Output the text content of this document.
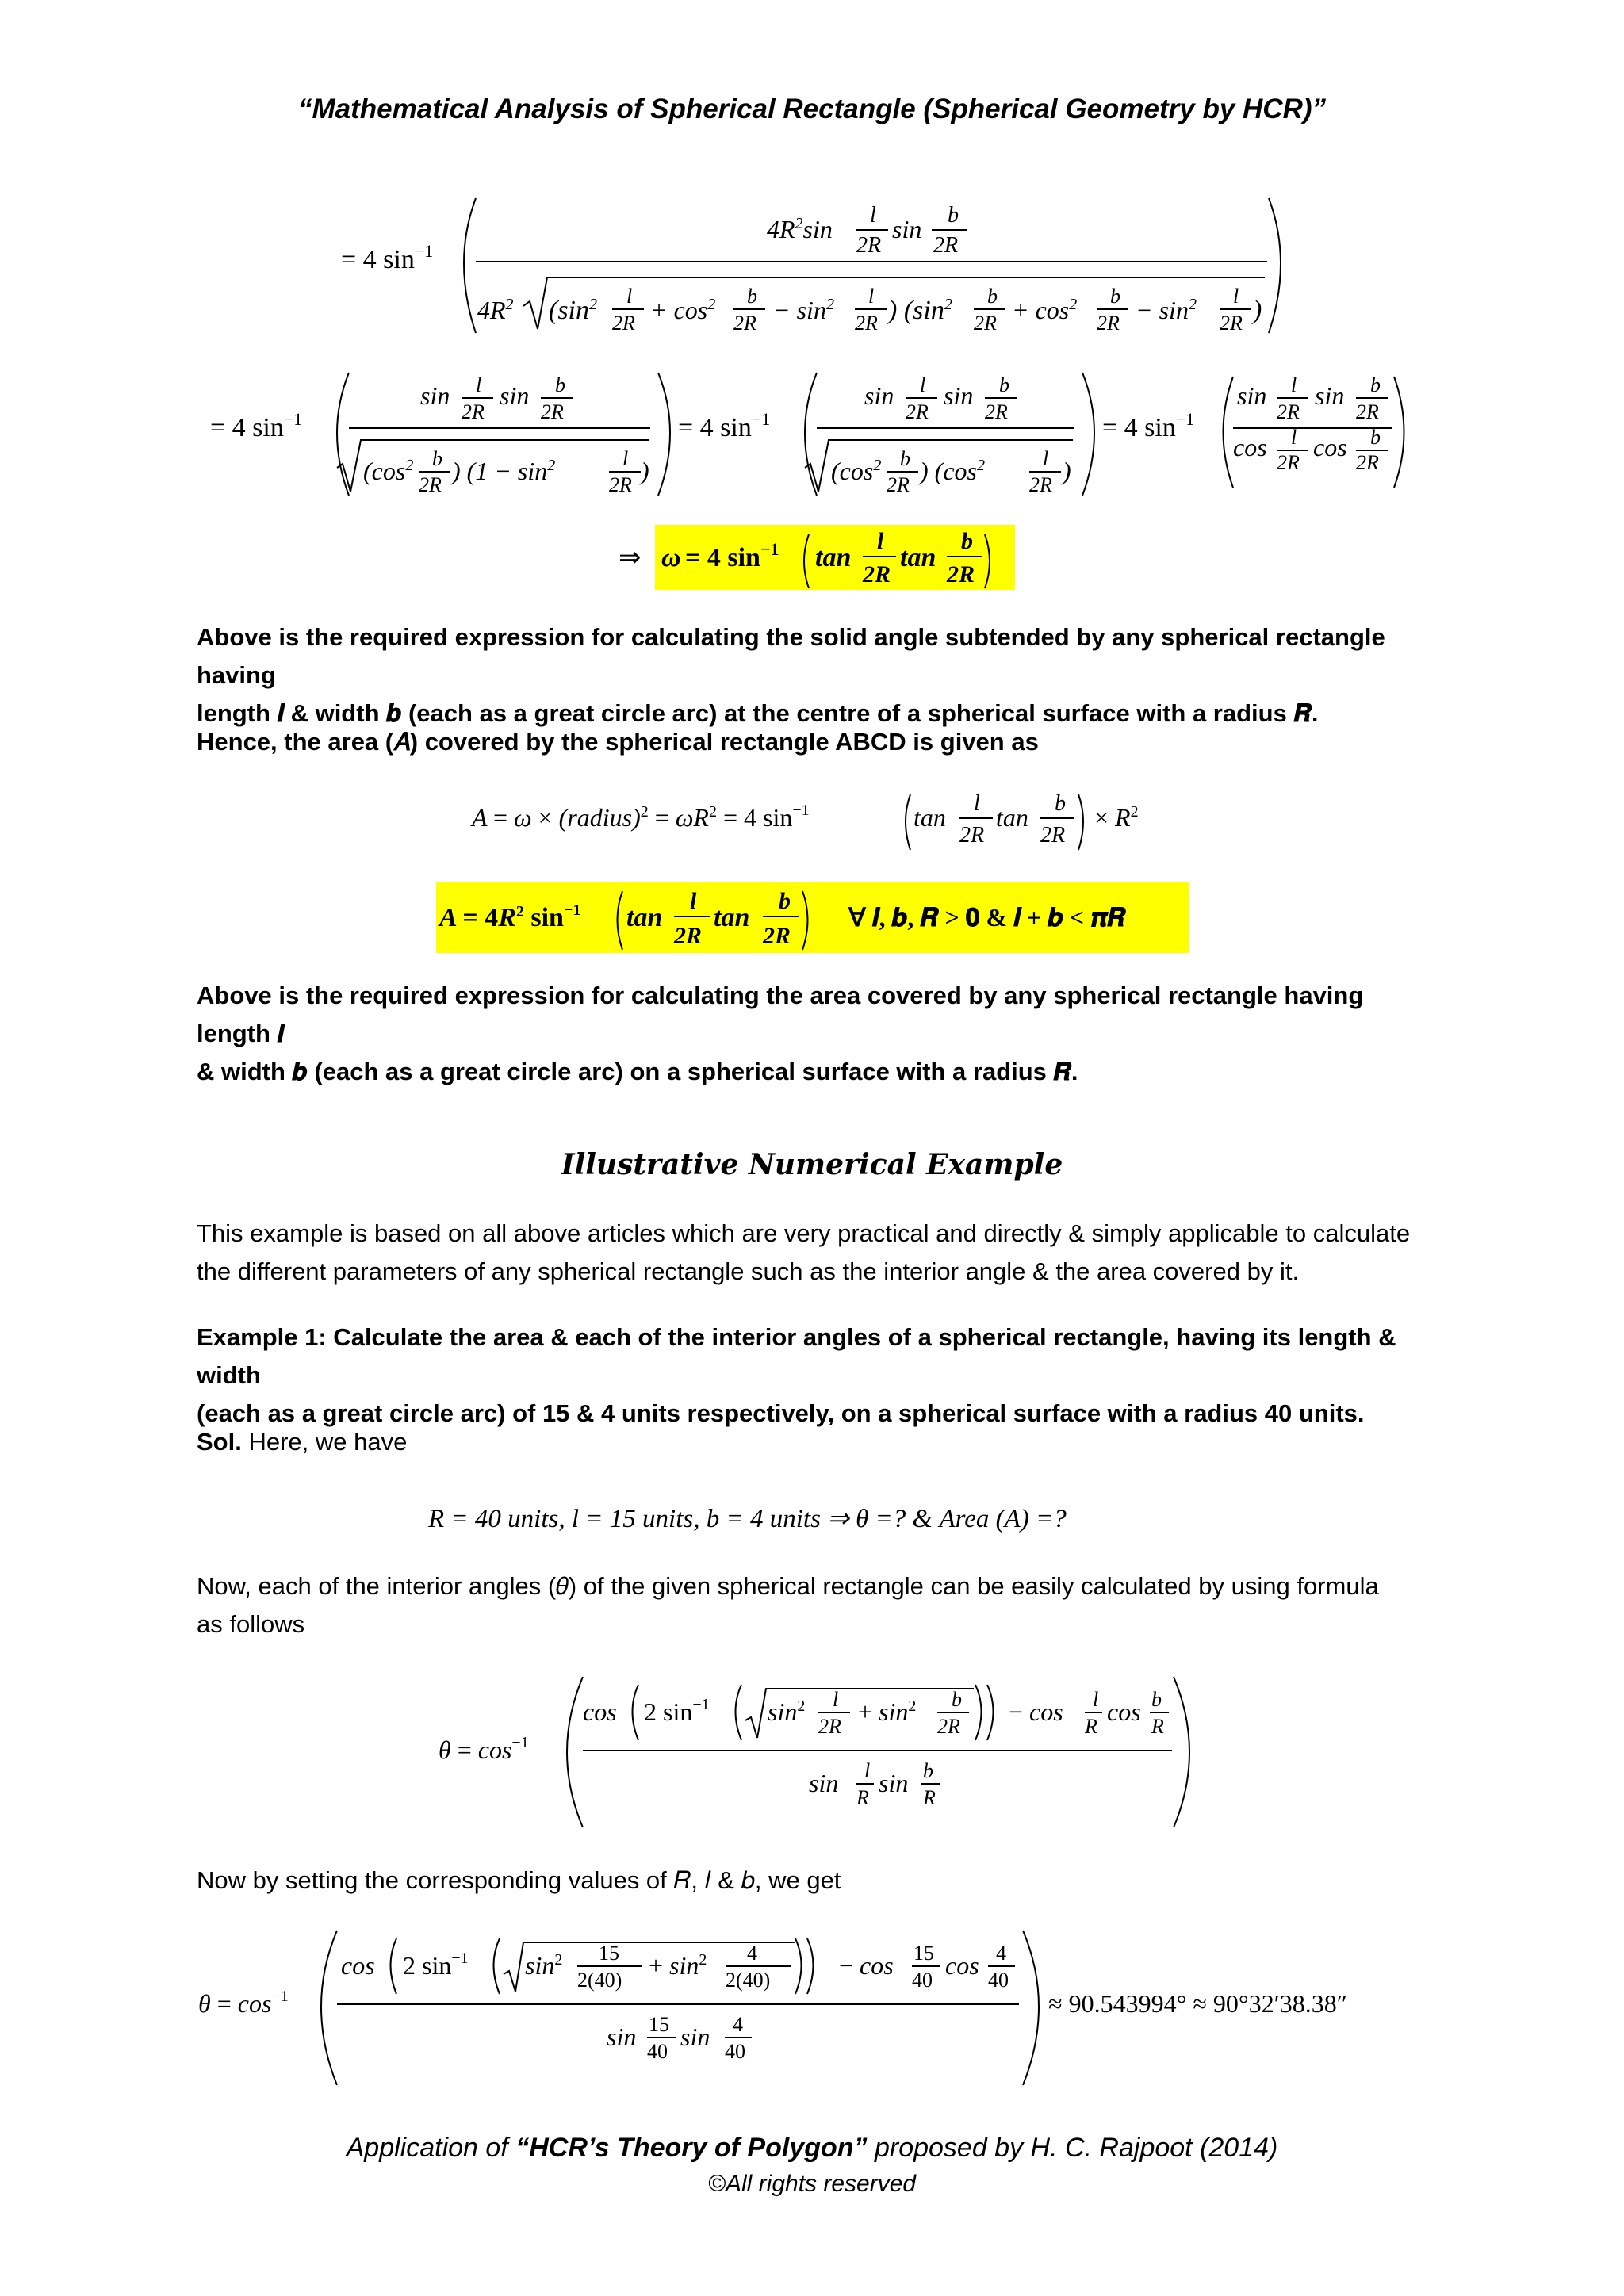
“Mathematical Analysis of Spherical Rectangle (Spherical Geometry by HCR)”
= 4 $\sin^{-1}$
$4R^2\sin$ l
2R
sin b
2R
$4R^2$ ($\sin^2$ l
$2R + \cos^2 b$
$2R - \sin^2 l$
2R ) ($\sin^2$ b
$2R + \cos^2 b$
$2R - \sin^2 l$
2R )
= 4 $\sin^{-1}$
sin l
2R
sin b
2R
($\cos^2$ b
2R ) ($1 - \sin^2$	l
2R )
= 4 $\sin^{-1}$
sin l
2R
sin b
2R
($\cos^2$ b
2R ) ($\cos^2$	l
2R )
= 4 $\sin^{-1}$
sin l
2R
sin b
2R
cos l
2R
cos b
2R
⇒ ω = 4 $\sin^{-1} \tan$
l
2R
tan
b
2R
Above is the required expression for calculating the solid angle subtended by any spherical rectangle having
length 𝒍 & width 𝒃 (each as a great circle arc) at the centre of a spherical surface with a radius 𝑹.
Hence, the area (𝐴) covered by the spherical rectangle ABCD is given as
A = ω × (radius)$^2$ = $\omega R^2 = 4$ $\sin^{-1}$	tan l
2R
tan b
2R
× $R^2$
$A = 4R^2$ $\sin^{-1} \tan$
l
2R
tan
b
2R
∀ 𝒍, 𝒃, 𝑹 > 𝟎 & 𝒍 + 𝒃 < 𝝅𝑹
Above is the required expression for calculating the area covered by any spherical rectangle having length 𝒍
& width 𝒃 (each as a great circle arc) on a spherical surface with a radius 𝑹.
Illustrative Numerical Example
This example is based on all above articles which are very practical and directly & simply applicable to calculate
the different parameters of any spherical rectangle such as the interior angle & the area covered by it.
Example 1: Calculate the area & each of the interior angles of a spherical rectangle, having its length & width
(each as a great circle arc) of 15 & 4 units respectively, on a spherical surface with a radius 40 units.
Sol. Here, we have
R = 40 units, l = 15 units, b = 4 units ⇒ θ =? & Area (A) =?
Now, each of the interior angles (𝜃) of the given spherical rectangle can be easily calculated by using formula
as follows
$\theta = \cos^{-1}$
cos 2 $\sin^{-1} \sin^2 l$
2R
+ $\sin^2 b$
2R
− cos l
R
cos b
R
sin l
R
sin b
R
Now by setting the corresponding values of 𝑅, 𝑙 & 𝑏, we get
$\theta = \cos^{-1}$
cos 2 $\sin^{-1} \sin^2 15$
2(40)
+ $\sin^2 4$
2(40)
− cos 15
40
cos 4
40
sin 15
40
sin 4
40
≈ 90.543994° ≈ 90°32′38.38″
Application of “HCR’s Theory of Polygon” proposed by H. C. Rajpoot (2014)
©All rights reserved
